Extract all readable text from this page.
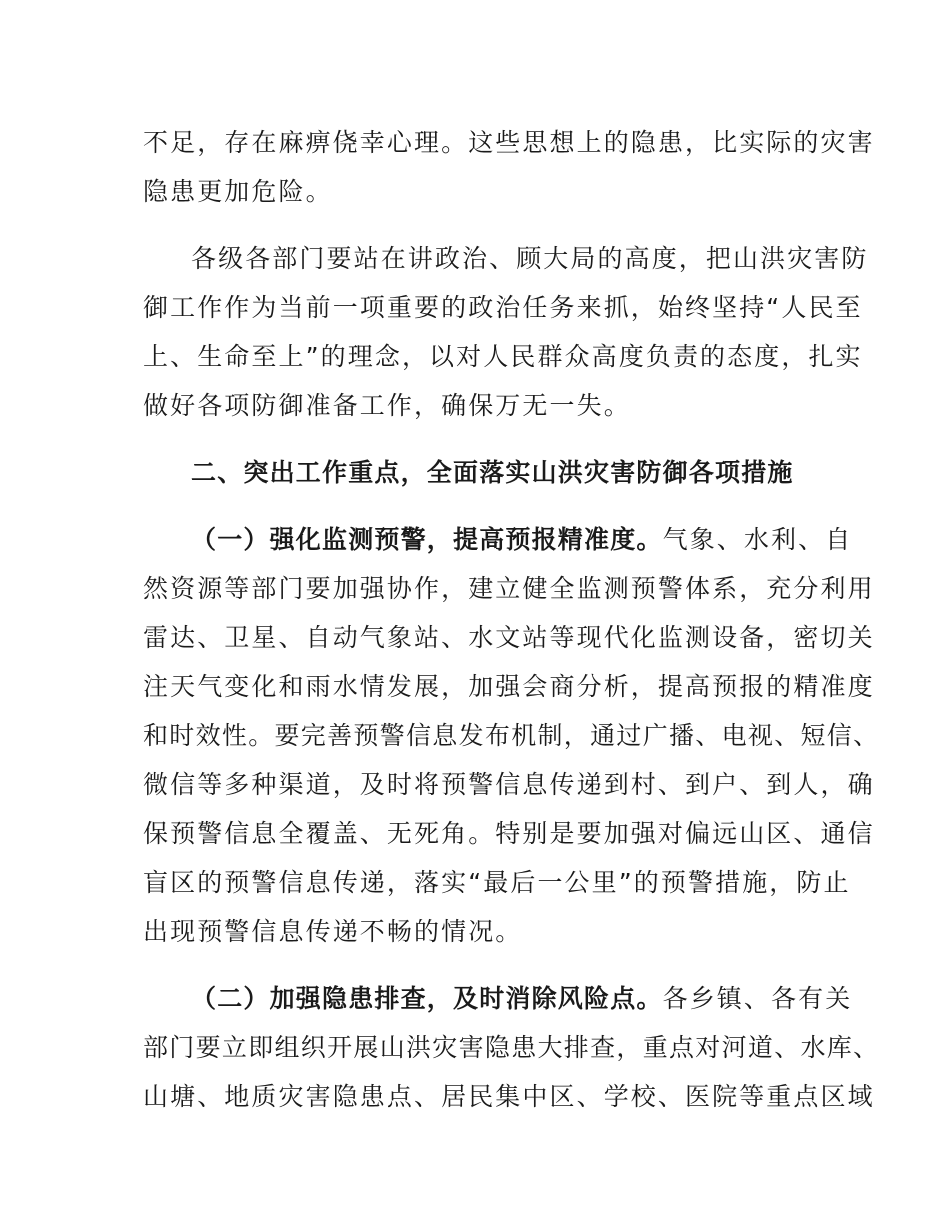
不足，存在麻痹侥幸心理。这些思想上的隐患，比实际的灾害
隐患更加危险。
各级各部门要站在讲政治、顾大局的高度，把山洪灾害防
御工作作为当前一项重要的政治任务来抓，始终坚持“人民至
上、生命至上”的理念，以对人民群众高度负责的态度，扎实
做好各项防御准备工作，确保万无一失。
二、突出工作重点，全面落实山洪灾害防御各项措施
（一）强化监测预警，提高预报精准度。气象、水利、自
然资源等部门要加强协作，建立健全监测预警体系，充分利用
雷达、卫星、自动气象站、水文站等现代化监测设备，密切关
注天气变化和雨水情发展，加强会商分析，提高预报的精准度
和时效性。要完善预警信息发布机制，通过广播、电视、短信、
微信等多种渠道，及时将预警信息传递到村、到户、到人，确
保预警信息全覆盖、无死角。特别是要加强对偏远山区、通信
盲区的预警信息传递，落实“最后一公里”的预警措施，防止
出现预警信息传递不畅的情况。
（二）加强隐患排查，及时消除风险点。各乡镇、各有关
部门要立即组织开展山洪灾害隐患大排查，重点对河道、水库、
山塘、地质灾害隐患点、居民集中区、学校、医院等重点区域
